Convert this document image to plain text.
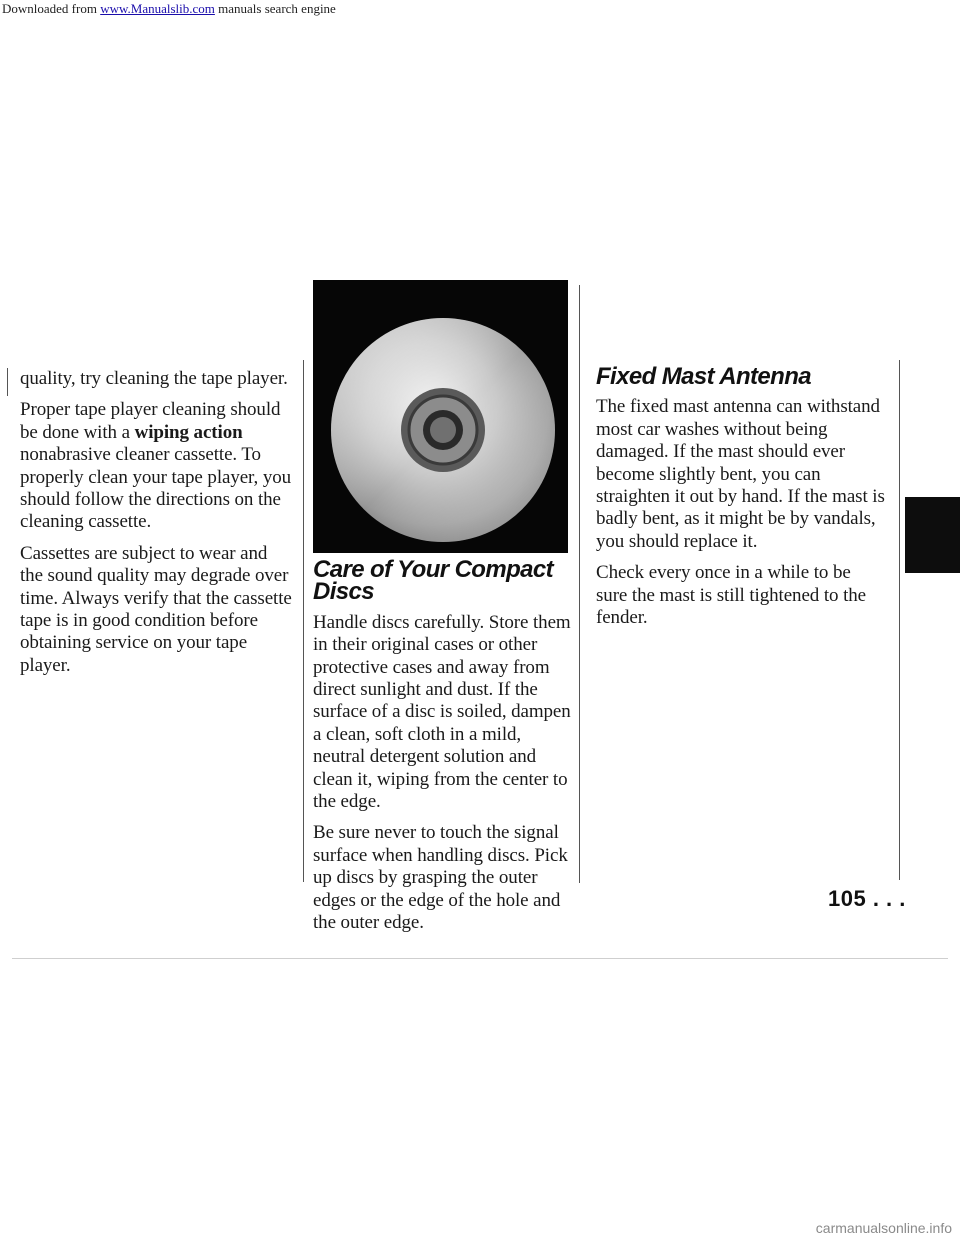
Downloaded from www.Manualslib.com manuals search engine

quality, try cleaning the tape player.

Proper tape player cleaning should be done with a wiping action nonabrasive cleaner cassette. To properly clean your tape player, you should follow the directions on the cleaning cassette.

Cassettes are subject to wear and the sound quality may degrade over time. Always verify that the cassette tape is in good condition before obtaining service on your tape player.

Care of Your Compact Discs

Handle discs carefully. Store them in their original cases or other protective cases and away from direct sunlight and dust. If the surface of a disc is soiled, dampen a clean, soft cloth in a mild, neutral detergent solution and clean it, wiping from the center to the edge.

Be sure never to touch the signal surface when handling discs. Pick up discs by grasping the outer edges or the edge of the hole and the outer edge.

Fixed Mast Antenna

The fixed mast antenna can withstand most car washes without being damaged. If the mast should ever become slightly bent, you can straighten it out by hand. If the mast is badly bent, as it might be by vandals, you should replace it.

Check every once in a while to be sure the mast is still tightened to the fender.

105 . . .
carmanualsonline.info
